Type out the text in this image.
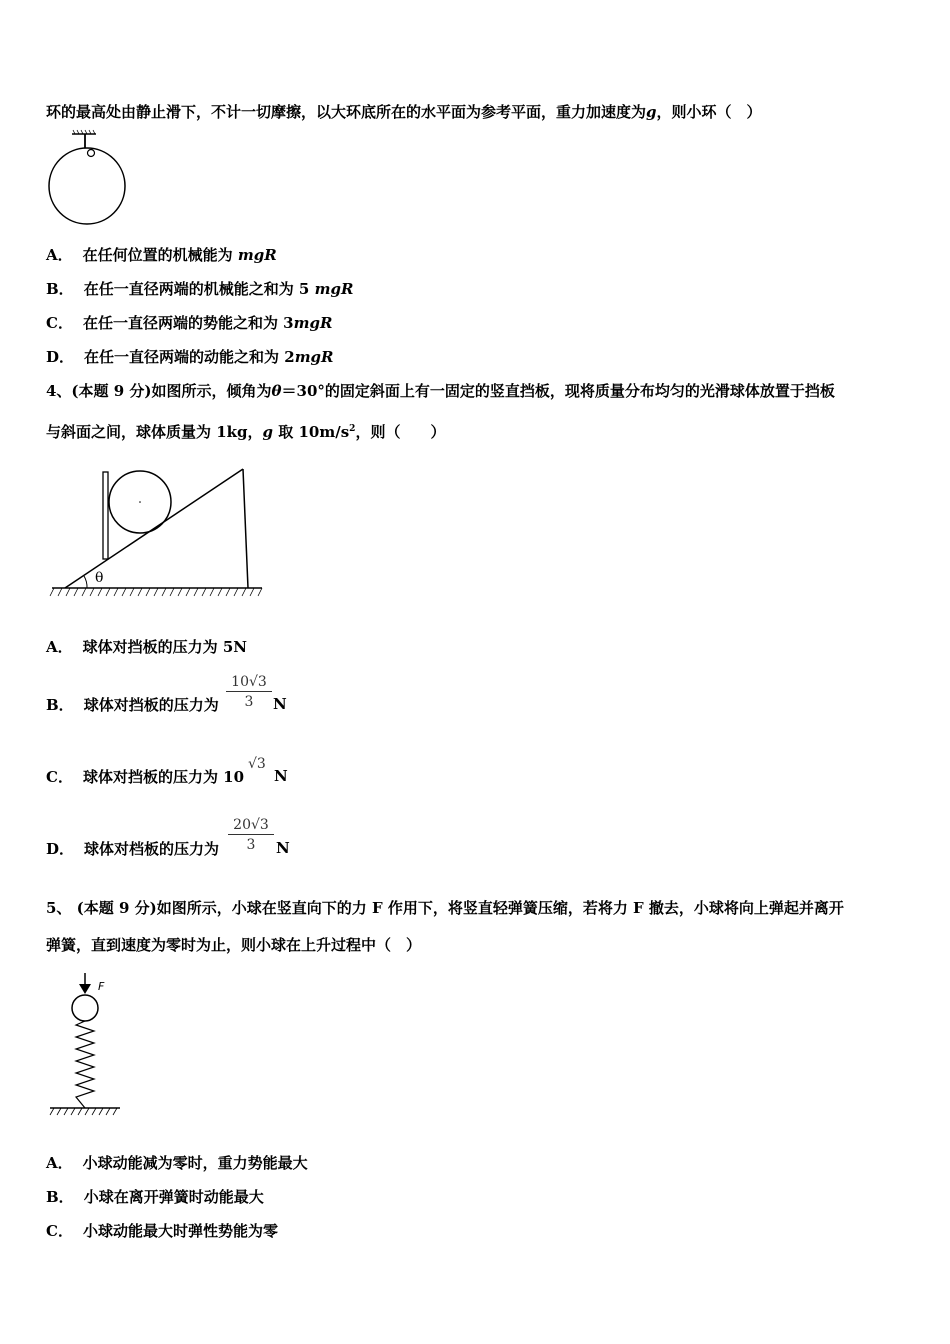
环的最高处由静止滑下，不计一切摩擦，以大环底所在的水平面为参考平面，重力加速度为g，则小环（　）
A． 在任何位置的机械能为 mgR
B． 在任一直径两端的机械能之和为 5 mgR
C． 在任一直径两端的势能之和为 3mgR
D． 在任一直径两端的动能之和为 2mgR
4、(本题 9 分)如图所示，倾角为θ＝30°的固定斜面上有一固定的竖直挡板，现将质量分布均匀的光滑球体放置于挡板
与斜面之间，球体质量为 1kg，g 取 $10m/s^2$，则（　　）
θ
A． 球体对挡板的压力为 5N
B． 球体对挡板的压力为
10√3
3	N
C． 球体对挡板的压力为 10
√3
N
D． 球体对档板的压力为
20√3
3	N
5、 (本题 9 分)如图所示，小球在竖直向下的力 F 作用下，将竖直轻弹簧压缩，若将力 F 撤去，小球将向上弹起并离开
弹簧，直到速度为零时为止，则小球在上升过程中（　）
F
A． 小球动能减为零时，重力势能最大
B． 小球在离开弹簧时动能最大
C． 小球动能最大时弹性势能为零
